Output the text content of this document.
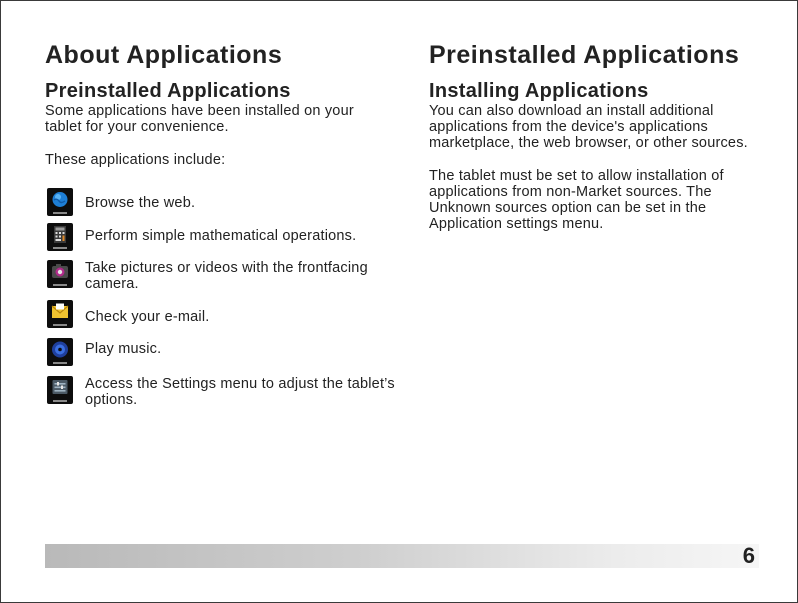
About Applications
Preinstalled Applications

Some applications have been installed on your tablet for your convenience.

These applications include:

Browse the web.

Perform simple mathematical operations.

Take pictures or videos with the frontfacing camera.

Check your e-mail.

Play music.

Access the Settings menu to adjust the tablet’s options.

Preinstalled Applications
Installing Applications

You can also download an install additional applications from the device's applications marketplace, the web browser, or other sources.

The tablet must be set to allow installation of applications from non-Market sources. The Unknown sources option can be set in the Application settings menu.

6
